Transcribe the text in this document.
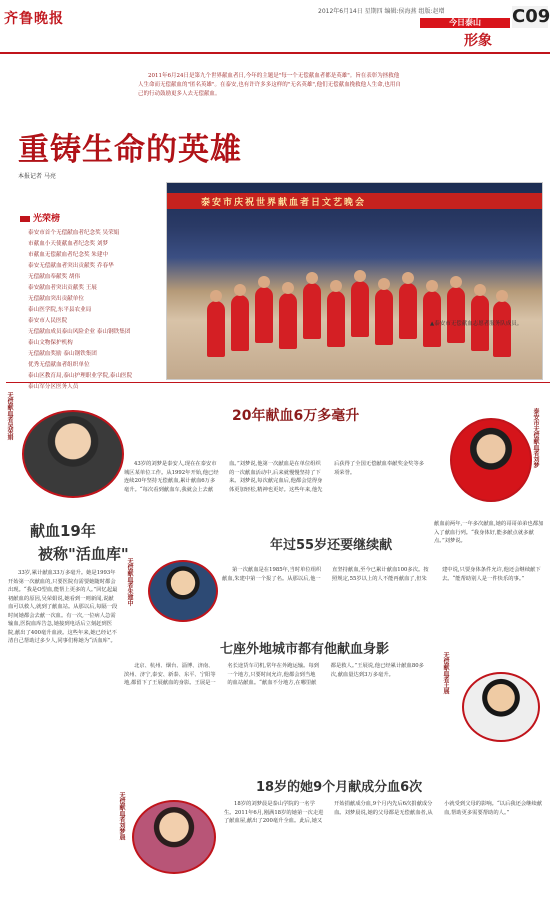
齐鲁晚报	2012年6月14日 星期四 编辑:侯海燕 组版:赵增	C09
今日泰山
形象
2011年6月24日是第九个世界献血者日,今年的主题是"每一个无偿献血者都是英雄"。旨在表彰为拯救他人生命而无偿献血的"匿名英雄"。在泰安,也有许许多多这样的"无名英雄",他们无偿献血挽救他人生命,也用自己的行动鼓励更多人去无偿献血。
重铸生命的英雄
本报记者 马亮
光荣榜
泰安市首个无偿献血者纪念奖 吴荣娟
市献血小天使献血者纪念奖 刘梦
市献血无偿献血者纪念奖 朱建中
泰安无偿献血者突出贡献奖 乔春华
无偿献血奉献奖 胡伟
泰安献血者突出贡献奖 王展
无偿献血突出贡献单位
泰山医学院,东平县农业局
泰安市人民医院
无偿献血成员泰山风险企业 泰山钢铁集团
泰山文物保护机构
无偿献血奖励 泰山钢铁集团
优秀无偿献血者组织单位
泰山区教育局,泰山护理职业学院,泰山医院
泰山军分区医务人员
泰安市庆祝世界献血者日文艺晚会
▲泰安市无偿献血志愿者服务队成员。
无偿献血者吴荣娟
献血19年
被称"活血库"
33岁,累计献血33万多毫升。她是1993年开始第一次献血的,只要医院有需要她随时都会出现。“我是O型血,能帮上更多的人。”回忆起最初献血的原因,吴荣娟说,她看到一则新闻,说献血可以救人,就到了献血站。从那以后,每隔一段时间她都会去献一次血。有一次,一位病人急需输血,医院血库告急,她接到电话后立刻赶到医院,献出了400毫升血液。这些年来,她已经记不清自己帮助过多少人,同事们称她为“活血库”。
20年献血6万多毫升
43岁的刘梦是泰安人,现在在泰安市城区某单位工作。从1992年开始,他已经连续20年坚持无偿献血,累计献血6万多毫升。“每次看到献血车,我就会上去献血。”刘梦说,他第一次献血是在单位组织的一次献血活动中,后来就慢慢坚持了下来。刘梦说,每次献完血后,他都会觉得身体更加轻松,精神也更好。这些年来,他先后获得了全国无偿献血奉献奖金奖等多项荣誉。
泰安市无偿献血者刘梦
献血前两年,一年多次献血,她的哥哥弟弟也都加入了献血行列。“我身体好,能多献点就多献点。”刘梦说。
年过55岁还要继续献
无偿献血者朱建中	第一次献血是在1985年,当时单位组织献血,朱建中第一个报了名。从那以后,他一直坚持献血,至今已累计献血100多次。按照规定,55岁以上的人不能再献血了,但朱建中说,只要身体条件允许,他还会继续献下去。“能帮助别人是一件快乐的事。”
七座外地城市都有他献血身影
北京、杭州、烟台、淄博、济南、滨州、济宁,泰安、新泰、东平、宁阳等地,都留下了王展献血的身影。王展是一名长途货车司机,常年在外跑运输。每到一个地方,只要时间允许,他都会到当地的血站献血。“献血不分地方,在哪里献都是救人。”王展说,他已经累计献血80多次,献血量达到3万多毫升。	无偿献血者王展
18岁的她9个月献成分血6次
无偿献血者刘梦晨	18岁的刘梦晨是泰山学院的一名学生。2011年6月,刚满18岁的她第一次走进了献血屋,献出了200毫升全血。此后,她又开始捐献成分血,9个月内先后6次捐献成分血。刘梦晨说,她的父母都是无偿献血者,从小就受到父母的影响。“以后我还会继续献血,帮助更多需要帮助的人。”
